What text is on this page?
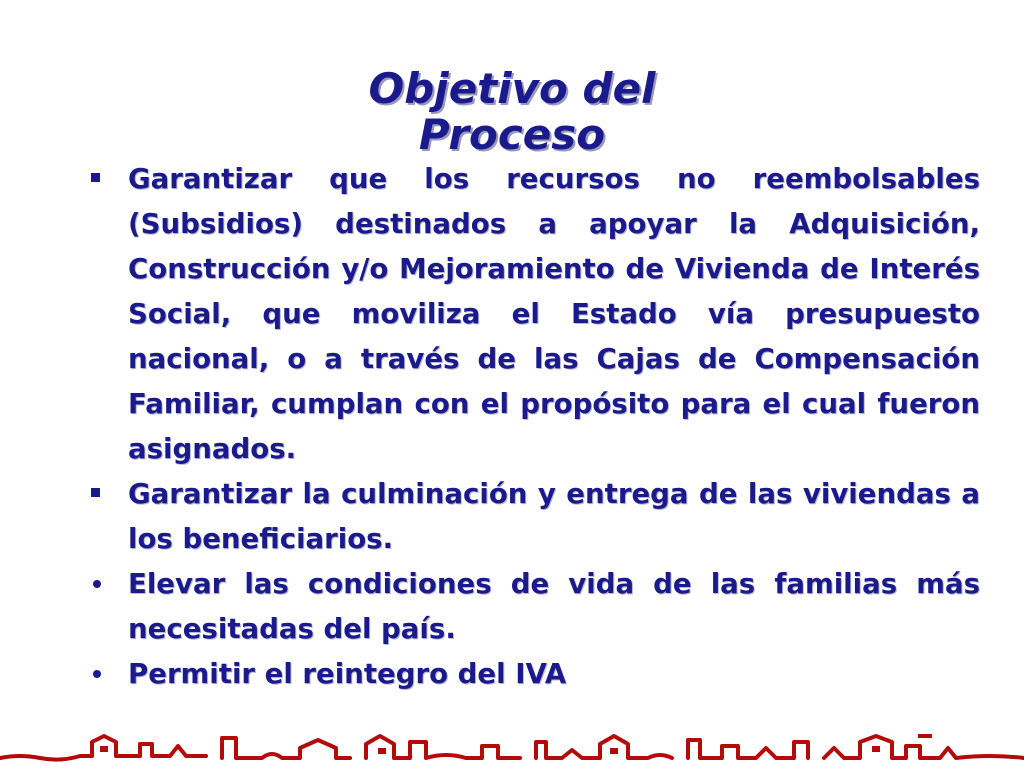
Objetivo del
Proceso
Garantizar que los recursos no reembolsables (Subsidios) destinados a apoyar la Adquisición, Construcción y/o Mejoramiento de Vivienda de Interés Social, que moviliza el Estado vía presupuesto nacional, o a través de las Cajas de Compensación Familiar, cumplan con el propósito para el cual fueron asignados.
Garantizar la culminación y entrega de las viviendas a los beneficiarios.
Elevar las condiciones de vida de las familias más necesitadas del país.
Permitir el reintegro del IVA
